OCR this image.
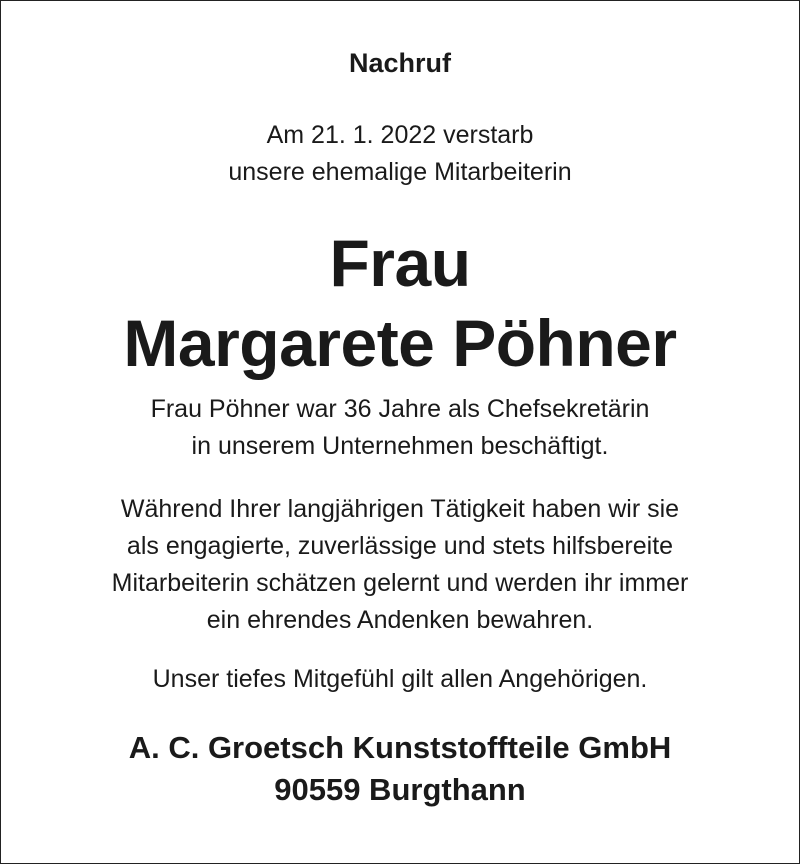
Nachruf
Am 21. 1. 2022 verstarb
unsere ehemalige Mitarbeiterin
Frau
Margarete Pöhner
Frau Pöhner war 36 Jahre als Chefsekretärin
in unserem Unternehmen beschäftigt.
Während Ihrer langjährigen Tätigkeit haben wir sie
als engagierte, zuverlässige und stets hilfsbereite
Mitarbeiterin schätzen gelernt und werden ihr immer
ein ehrendes Andenken bewahren.
Unser tiefes Mitgefühl gilt allen Angehörigen.
A. C. Groetsch Kunststoffteile GmbH
90559 Burgthann
